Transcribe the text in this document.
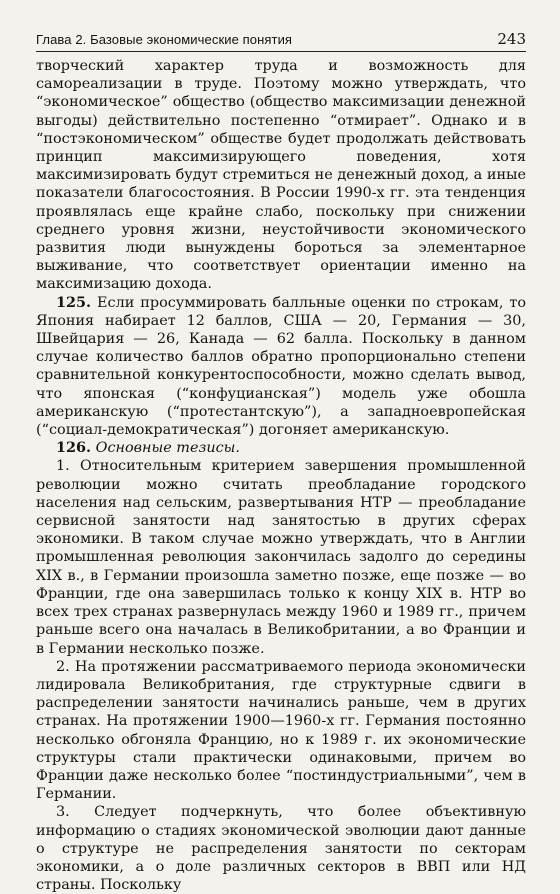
Глава 2. Базовые экономические понятия	243

творческий характер труда и возможность для самореализации в труде. Поэтому можно утверждать, что “экономическое” общество (общество максимизации денежной выгоды) действительно постепенно “отмирает”. Однако и в “постэкономическом” обществе будет продолжать действовать принцип максимизирующего поведения, хотя максимизировать будут стремиться не денежный доход, а иные показатели благосостояния. В России 1990-х гг. эта тенденция проявлялась еще крайне слабо, поскольку при снижении среднего уровня жизни, неустойчивости экономического развития люди вынуждены бороться за элементарное выживание, что соответствует ориентации именно на максимизацию дохода.

125. Если просуммировать балльные оценки по строкам, то Япония набирает 12 баллов, США — 20, Германия — 30, Швейцария — 26, Канада — 62 балла. Поскольку в данном случае количество баллов обратно пропорционально степени сравнительной конкурентоспособности, можно сделать вывод, что японская (“конфуцианская”) модель уже обошла американскую (“протестантскую”), а западноевропейская (“социал-демократическая”) догоняет американскую.

126. Основные тезисы.

1. Относительным критерием завершения промышленной революции можно считать преобладание городского населения над сельским, развертывания НТР — преобладание сервисной занятости над занятостью в других сферах экономики. В таком случае можно утверждать, что в Англии промышленная революция закончилась задолго до середины XIX в., в Германии произошла заметно позже, еще позже — во Франции, где она завершилась только к концу XIX в. НТР во всех трех странах развернулась между 1960 и 1989 гг., причем раньше всего она началась в Великобритании, а во Франции и в Германии несколько позже.

2. На протяжении рассматриваемого периода экономически лидировала Великобритания, где структурные сдвиги в распределении занятости начинались раньше, чем в других странах. На протяжении 1900—1960-х гг. Германия постоянно несколько обгоняла Францию, но к 1989 г. их экономические структуры стали практически одинаковыми, причем во Франции даже несколько более “постиндустриальными”, чем в Германии.

3. Следует подчеркнуть, что более объективную информацию о стадиях экономической эволюции дают данные о структуре не распределения занятости по секторам экономики, а о доле различных секторов в ВВП или НД страны. Поскольку
